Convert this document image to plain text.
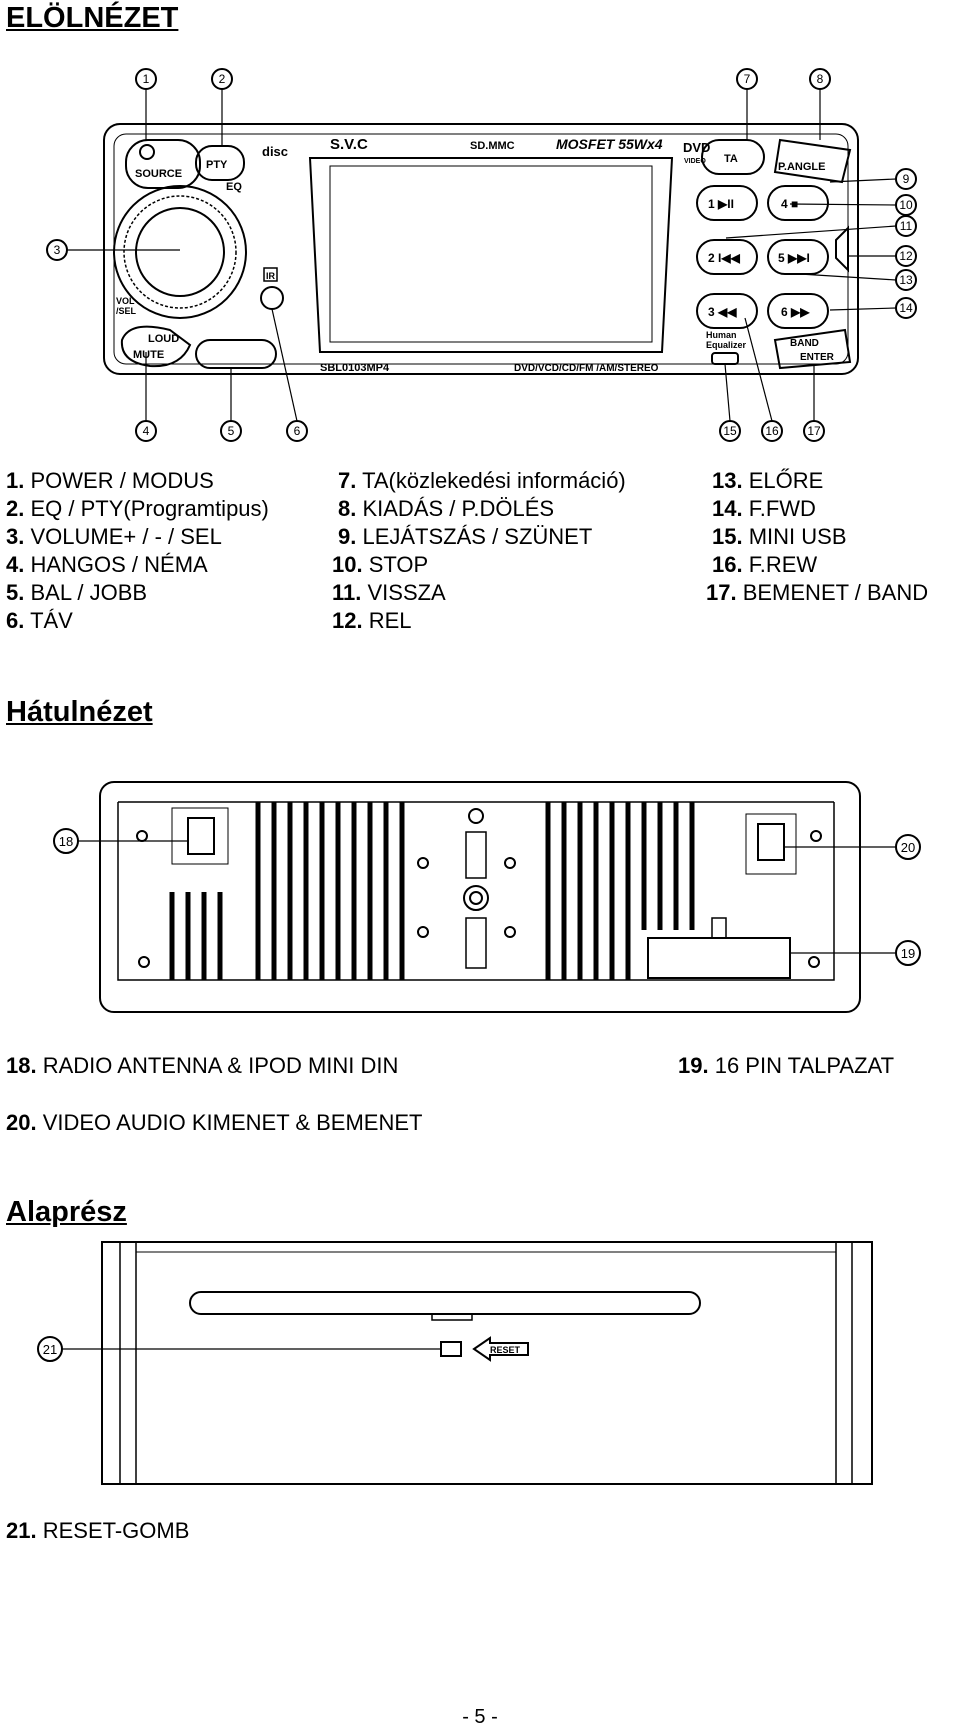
ELÖLNÉZET
SOURCE
PTY
EQ
disc	S.V.C	SD.MMC	MOSFET 55Wx4 DVD
VIDEO TA
P.ANGLE
VOL
/SEL
LOUD
MUTE
IR
SBL0103MP4	DVD/VCD/CD/FM /AM/STEREO
1 ▶II	4 ■
2 I◀◀	5 ▶▶I
3 ◀◀	6 ▶▶
Human
Equalizer	BAND
ENTER
1	2
3
4	5	6
7	8
9
10
11
12
13
14
15 16 17
1. POWER / MODUS
2. EQ / PTY(Programtipus)
3. VOLUME+ / - / SEL
4. HANGOS / NÉMA
5. BAL / JOBB
6. TÁV
7. TA(közlekedési információ)
8. KIADÁS / P.DÖLÉS
9. LEJÁTSZÁS / SZÜNET
10. STOP
11. VISSZA
12. REL
13. ELŐRE
14. F.FWD
15. MINI USB
16. F.REW
17. BEMENET / BAND
Hátulnézet
18
19
20
18. RADIO ANTENNA & IPOD MINI DIN	19. 16 PIN TALPAZAT
20. VIDEO AUDIO KIMENET & BEMENET
Alaprész
RESET
21
21. RESET-GOMB
- 5 -
